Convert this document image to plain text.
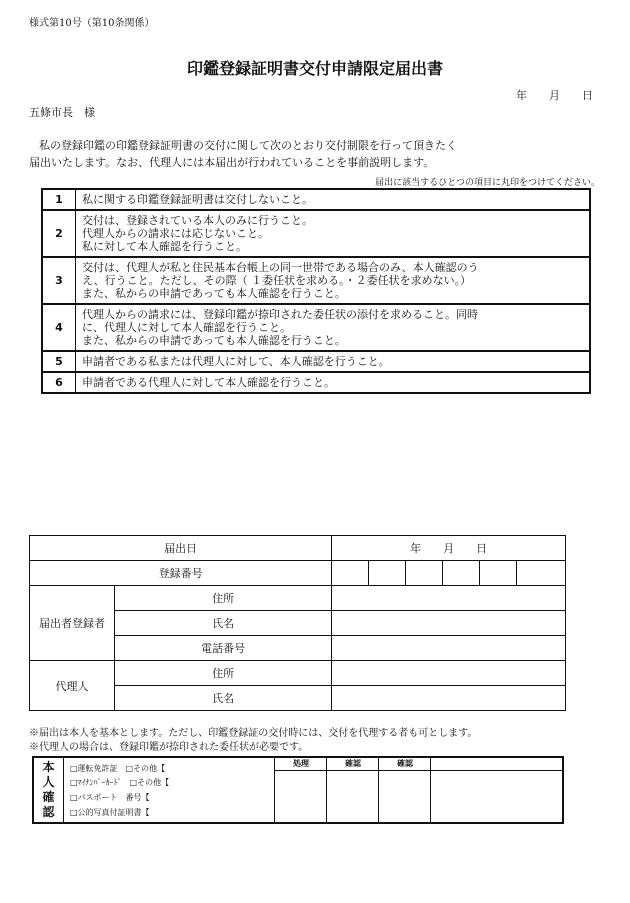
様式第10号（第10条関係）
印鑑登録証明書交付申請限定届出書
年　　月　　日
五條市長　様

私の登録印鑑の印鑑登録証明書の交付に関して次のとおり交付制限を行って頂きたく

届出いたします。なお、代理人には本届出が行われていることを事前説明します。

届出に該当するひとつの項目に丸印をつけてください。
1	私に関する印鑑登録証明書は交付しないこと。

2	交付は、登録されている本人のみに行うこと。
代理人からの請求には応じないこと。
私に対して本人確認を行うこと。

3	交付は、代理人が私と住民基本台帳上の同一世帯である場合のみ、本人確認のう
え、行うこと。ただし、その際（ １委任状を求める。・２委任状を求めない。）
また、私からの申請であっても本人確認を行うこと。

4	代理人からの請求には、登録印鑑が捺印された委任状の添付を求めること。同時
に、代理人に対して本人確認を行うこと。
また、私からの申請であっても本人確認を行うこと。

5	申請者である私または代理人に対して、本人確認を行うこと。

6	申請者である代理人に対して本人確認を行うこと。
届出日		年　　月　　日					
登録番号							
届出者登録者	住所						
	氏名						
	電話番号						
代理人	住所						
	氏名						
※届出は本人を基本とします。ただし、印鑑登録証の交付時には、交付を代理する者も可とします。
※代理人の場合は、登録印鑑が捺印された委任状が必要です。
本
人
確
認
□運転免許証　□その他【
□ﾏｲﾅﾝﾊﾞｰｶｰﾄﾞ　□その他【
□パスポート　番号【
□公的写真付証明書【
処理	確認	確認
